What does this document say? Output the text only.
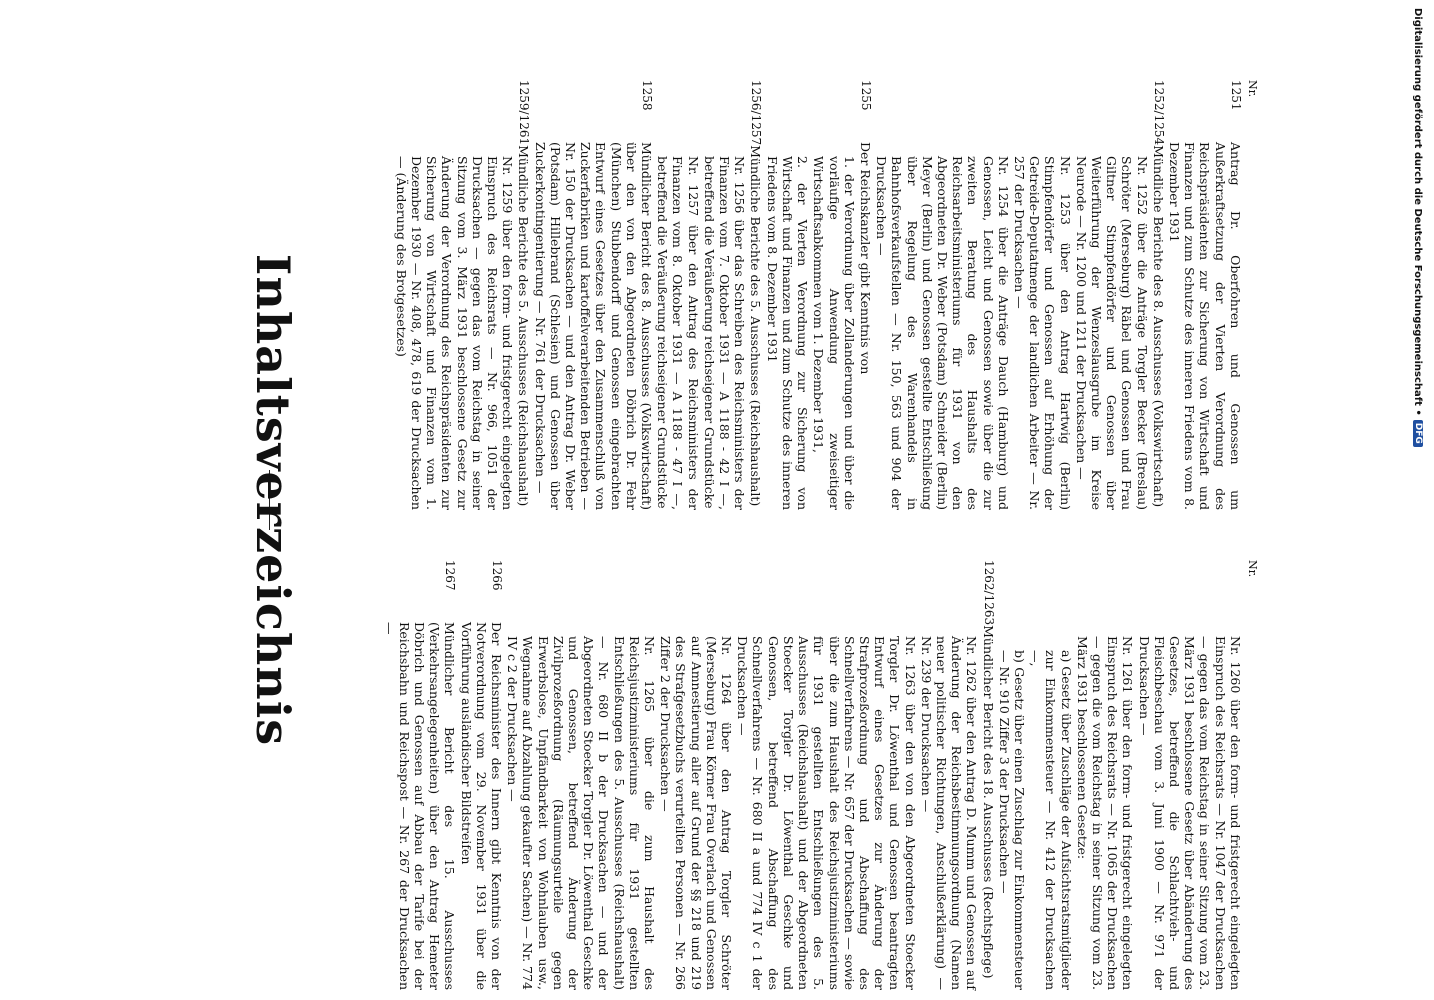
Nr.
1251
Antrag Dr. Oberfohren und Genossen um Außerkraftsetzung der Vierten Verordnung des Reichspräsidenten zur Sicherung von Wirtschaft und Finanzen und zum Schutze des inneren Friedens vom 8. Dezember 1931
1252/1254
Mündliche Berichte des 8. Ausschusses (Volkswirtschaft)
Nr. 1252 über die Anträge Torgler Becker (Breslau) Schröter (Merseburg) Räbel und Genossen und Frau Giltner Stimpfendörfer und Genossen über Weiterführung der Wenzeslausgrube im Kreise Neurode — Nr. 1200 und 1211 der Drucksachen —
Nr. 1253 über den Antrag Hartwig (Berlin) Stimpfendörfer und Genossen auf Erhöhung der Getreide-Deputatmenge der landlichen Arbeiter — Nr. 257 der Drucksachen —
Nr. 1254 über die Anträge Dauch (Hamburg) und Genossen, Leicht und Genossen sowie über die zur zweiten Beratung des Haushalts des Reichsarbeitsministeriums für 1931 von den Abgeordneten Dr. Weber (Potsdam) Schneider (Berlin) Meyer (Berlin) und Genossen gestellte Entschließung über Regelung des Warenhandels in Bahnhofsverkaufstellen — Nr. 150, 563 und 904 der Drucksachen —
1255
Der Reichskanzler gibt Kenntnis von
1. der Verordnung über Zollanderungen und über die vorläufige Anwendung zweiseitiger Wirtschaftsabkommen vom 1. Dezember 1931,
2. der Vierten Verordnung zur Sicherung von Wirtschaft und Finanzen und zum Schutze des inneren Friedens vom 8. Dezember 1931
1256/1257
Mündliche Berichte des 5. Ausschusses (Reichshaushalt)
Nr. 1256 über das Schreiben des Reichsministers der Finanzen vom 7. Oktober 1931 — A 1188 - 42 I —, betreffend die Veräußerung reichseigener Grundstücke
Nr. 1257 über den Antrag des Reichsministers der Finanzen vom 8. Oktober 1931 — A 1188 - 47 I —, betreffend die Veräußerung reichseigener Grundstücke
1258
Mündlicher Bericht des 8. Ausschusses (Volkswirtschaft) über den von den Abgeordneten Döbrich Dr. Fehr (München) Stubbendorff und Genossen eingebrachten Entwurf eines Gesetzes über den Zusammenschluß von Zuckerfabriken und kartoffelverarbeitenden Betrieben — Nr. 150 der Drucksachen — und den Antrag Dr. Weber (Potsdam) Hillebrand (Schlesien) und Genossen über Zuckerkontingentierung — Nr. 761 der Drucksachen —
1259/1261
Mündliche Berichte des 5. Ausschusses (Reichshaushalt)
Nr. 1259 über den form- und fristgerecht eingelegten Einspruch des Reichsrats — Nr. 966, 1051 der Drucksachen — gegen das vom Reichstag in seiner Sitzung vom 3. März 1931 beschlossene Gesetz zur Änderung der Verordnung des Reichspräsidenten zur Sicherung von Wirtschaft und Finanzen vom 1. Dezember 1930 — Nr. 408, 478, 619 der Drucksachen — (Änderung des Brotgesetzes)
Nr.
Nr. 1260 über den form- und fristgerecht eingelegten Einspruch des Reichsrats — Nr. 1047 der Drucksachen — gegen das vom Reichstag in seiner Sitzung vom 23. März 1931 beschlossene Gesetz über Abänderung des Gesetzes, betreffend die Schlachtvieh- und Fleischbeschau vom 3. Juni 1900 — Nr. 971 der Drucksachen —
Nr. 1261 über den form- und fristgerecht eingelegten Einspruch des Reichsrats — Nr. 1065 der Drucksachen — gegen die vom Reichstag in seiner Sitzung vom 23. März 1931 beschlossenen Gesetze:
a) Gesetz über Zuschläge der Aufsichtsratsmitglieder zur Einkommensteuer — Nr. 412 der Drucksachen —,
b) Gesetz über einen Zuschlag zur Einkommensteuer — Nr. 910 Ziffer 3 der Drucksachen —
1262/1263
Mündlicher Bericht des 18. Ausschusses (Rechtspflege)
Nr. 1262 über den Antrag D. Mumm und Genossen auf Änderung der Reichsbestimmungsordnung (Namen neuer politischer Richtungen, Anschlußerklärung) — Nr. 239 der Drucksachen —
Nr. 1263 über den von den Abgeordneten Stoecker Torgler Dr. Löwenthal und Genossen beantragten Entwurf eines Gesetzes zur Änderung der Strafprozeßordnung und Abschaffung des Schnellverfahrens — Nr. 657 der Drucksachen — sowie über die zum Haushalt des Reichsjustizministeriums für 1931 gestellten Entschließungen des 5. Ausschusses (Reichshaushalt) und der Abgeordneten Stoecker Torgler Dr. Löwenthal Geschke und Genossen, betreffend Abschaffung des Schnellverfahrens — Nr. 680 II a und 774 IV c 1 der Drucksachen —
Nr. 1264 über den Antrag Torgler Schröter (Merseburg) Frau Körner Frau Overlach und Genossen auf Amnestierung aller auf Grund der §§ 218 und 219 des Strafgesetzbuchs verurteilten Personen — Nr. 266 Ziffer 2 der Drucksachen —
Nr. 1265 über die zum Haushalt des Reichsjustizministeriums für 1931 gestellten Entschließungen des 5. Ausschusses (Reichshaushalt) — Nr. 680 II b der Drucksachen — und der Abgeordneten Stoecker Torgler Dr. Löwenthal Geschke und Genossen, betreffend Änderung der Zivilprozeßordnung (Räumungsurteile gegen Erwerbslose, Unpfändbarkeit von Wohnlauben usw., Wegnahme auf Abzahlung gekaufter Sachen) — Nr. 774 IV c 2 der Drucksachen —
1266
Der Reichsminister des Innern gibt Kenntnis von der Notverordnung vom 29. November 1931 über die Vorführung ausländischer Bildstreifen
1267
Mündlicher Bericht des 15. Ausschusses (Verkehrsangelegenheiten) über den Antrag Hemeter Döbrich und Genossen auf Abbau der Tarife bei der Reichsbahn und Reichspost — Nr. 267 der Drucksachen —
Inhaltsverzeichnis
Digitalisierung gefördert durch die Deutsche Forschungsgemeinschaft •
DFG
